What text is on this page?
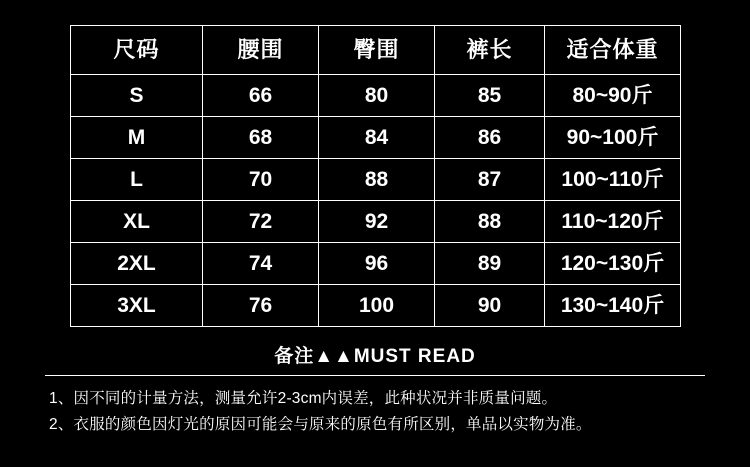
尺码	腰围	臀围	裤长	适合体重
S	66	80	85	80~90斤
M	68	84	86	90~100斤
L	70	88	87	100~110斤
XL	72	92	88	110~120斤
2XL	74	96	89	120~130斤
3XL	76	100	90	130~140斤
备注▲▲MUST READ
1、因不同的计量方法，测量允许2-3cm内误差，此种状况并非质量问题。
2、衣服的颜色因灯光的原因可能会与原来的原色有所区别，单品以实物为准。
